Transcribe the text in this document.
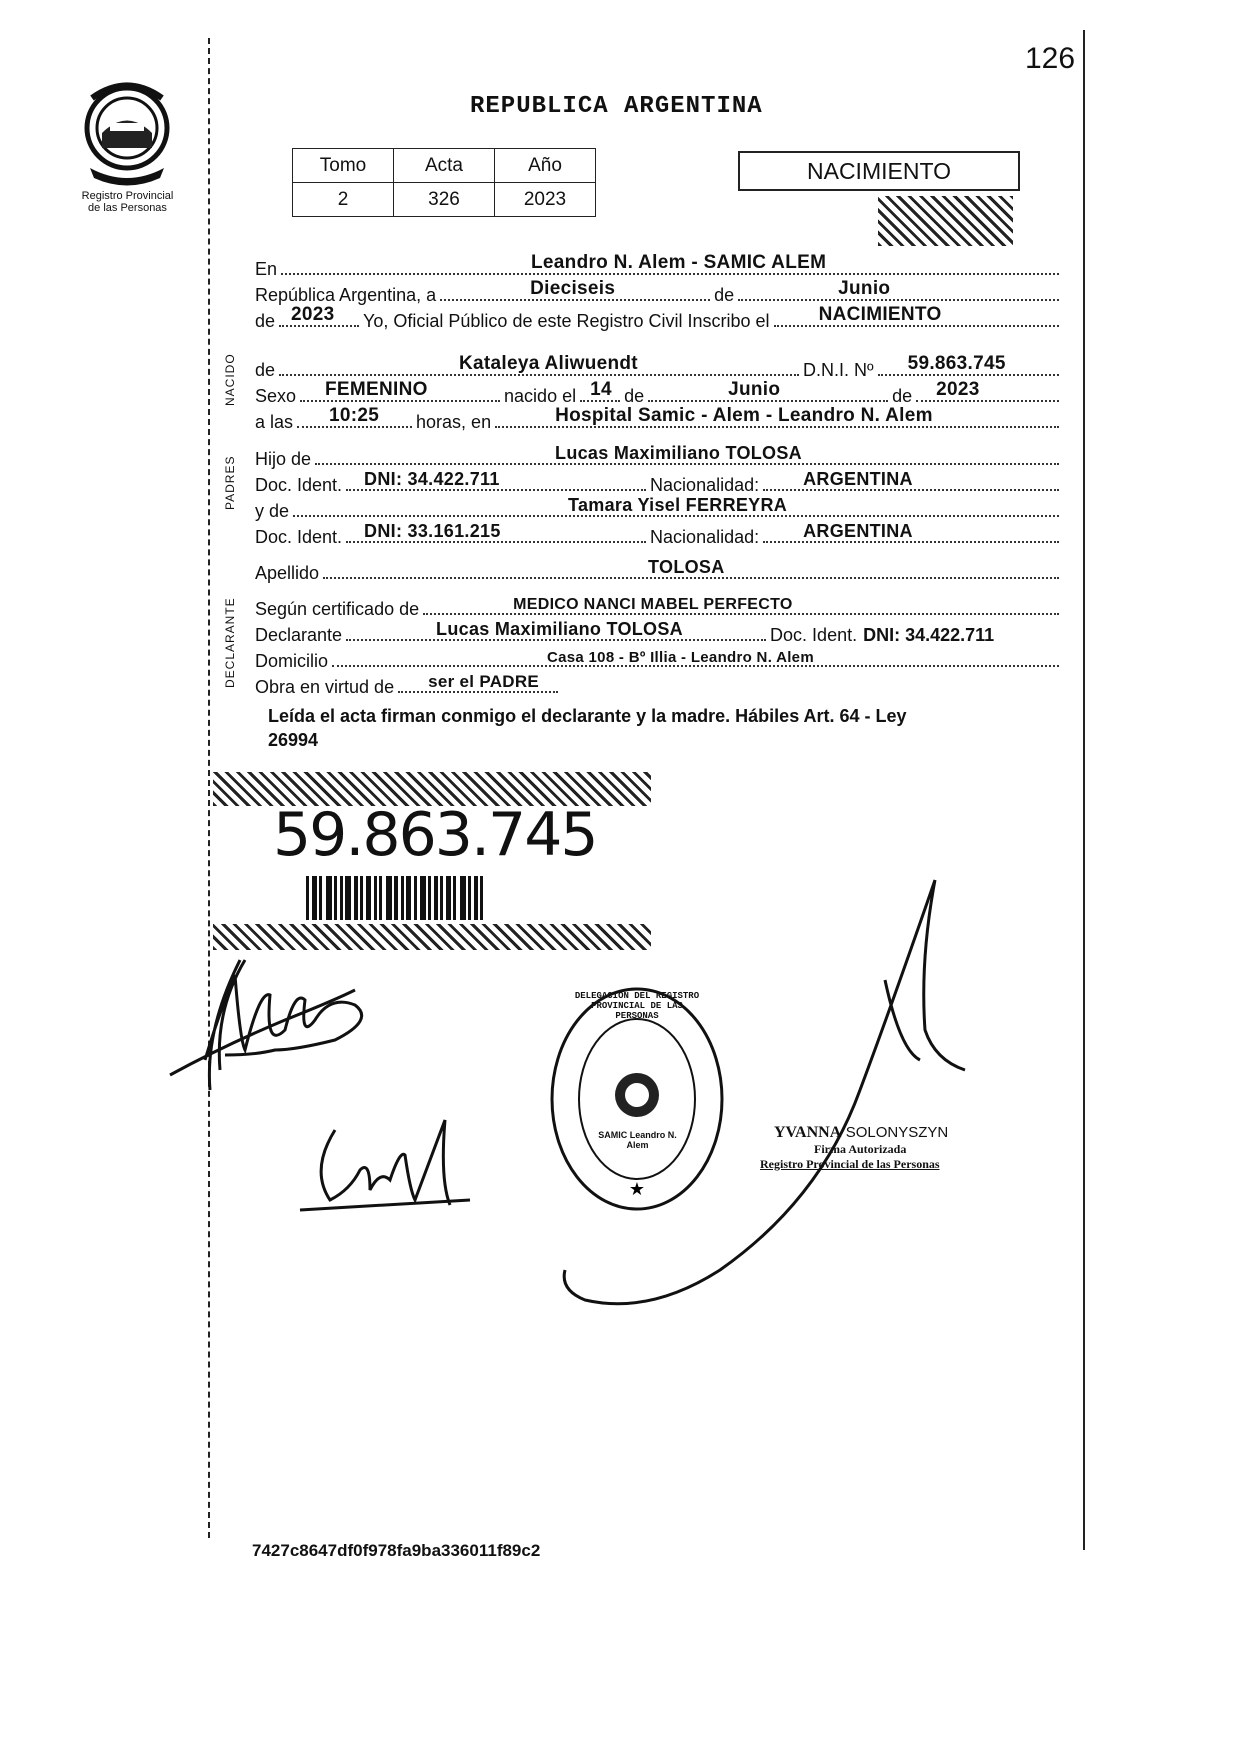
126
Registro Provincial
de las Personas
REPUBLICA ARGENTINA
Tomo	Acta	Año
2	326	2023
NACIMIENTO
NACIDO
PADRES
DECLARANTE
En	Leandro N. Alem - SAMIC ALEM
República Argentina, a	Dieciseis	de	Junio
de 2023 Yo, Oficial Público de este Registro Civil Inscribo el	NACIMIENTO
de	Kataleya Aliwuendt	D.N.I. Nº 59.863.745
Sexo FEMENINO	nacido el 14 de	Junio	de 2023
a las 10:25 horas, en	Hospital Samic - Alem - Leandro N. Alem
Hijo de	Lucas Maximiliano TOLOSA
Doc. Ident. DNI: 34.422.711	Nacionalidad: ARGENTINA
y de	Tamara Yisel FERREYRA
Doc. Ident. DNI: 33.161.215	Nacionalidad: ARGENTINA
Apellido	TOLOSA
Según certificado de	MEDICO NANCI MABEL PERFECTO
Declarante	Lucas Maximiliano TOLOSA	Doc. Ident. DNI: 34.422.711
Domicilio	Casa 108 - Bº Illia - Leandro N. Alem
Obra en virtud de ser el PADRE
Leída el acta firman conmigo el declarante y la madre. Hábiles Art. 64 - Ley
26994
59.863.745
★
DELEGACION DEL REGISTRO PROVINCIAL DE LAS PERSONAS
SAMIC Leandro N. Alem
YVANNA SOLONYSZYN
Firma Autorizada
Registro Provincial de las Personas
7427c8647df0f978fa9ba336011f89c2
